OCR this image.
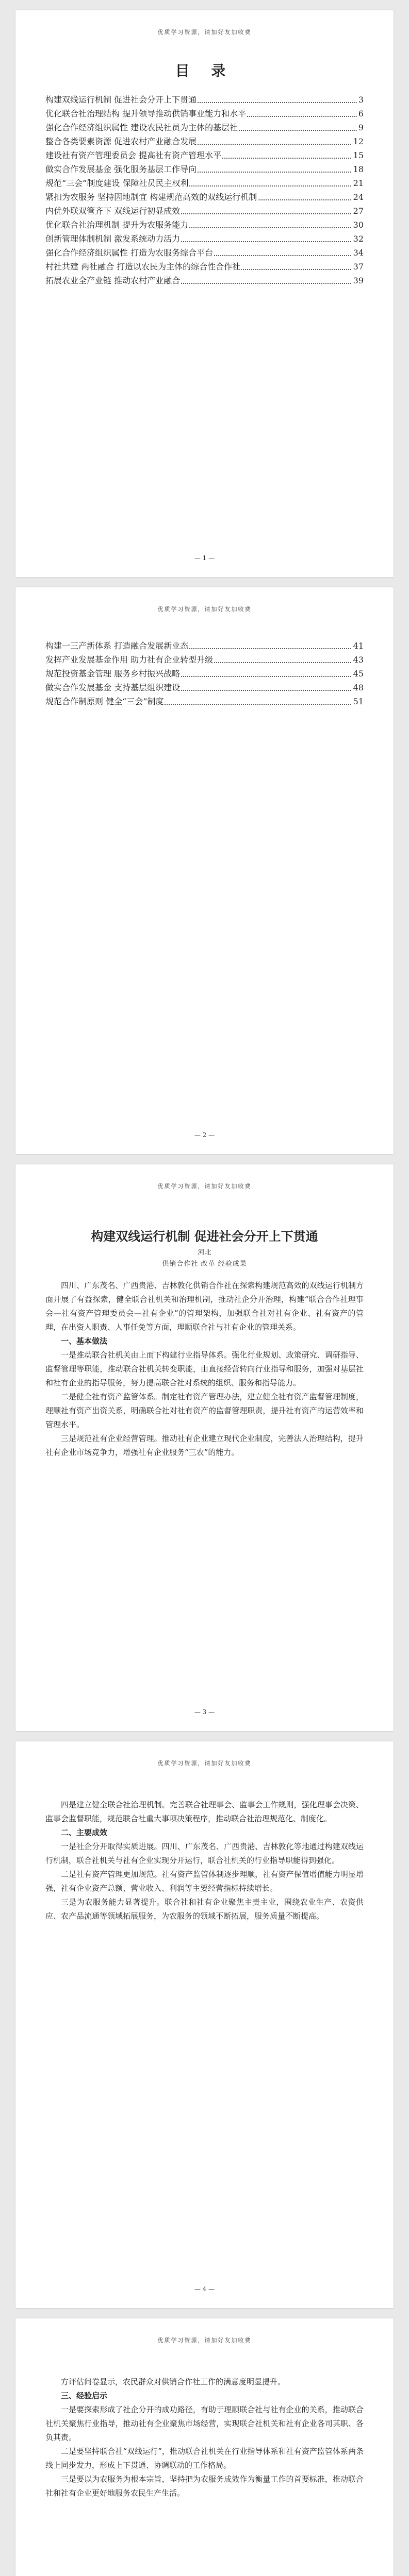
优质学习资源，请加好友加收费
目 录
构建双线运行机制 促进社会分开上下贯通	3
优化联合社治理结构 提升领导推动供销事业能力和水平	6
强化合作经济组织属性 建设农民社员为主体的基层社	9
整合各类要素资源 促进农村产业融合发展	12
建设社有资产管理委员会 提高社有资产管理水平	15
做实合作发展基金 强化服务基层工作导向	18
规范“三会”制度建设 保障社员民主权利	21
紧扣为农服务 坚持因地制宜 构建规范高效的双线运行机制	24
内优外联双管齐下 双线运行初显成效	27
优化联合社治理机制 提升为农服务能力	30
创新管理体制机制 激发系统动力活力	32
强化合作经济组织属性 打造为农服务综合平台	34
村社共建 两社融合 打造以农民为主体的综合性合作社	37
拓展农业全产业链 推动农村产业融合	39
— 1 —
优质学习资源，请加好友加收费
构建一三产新体系 打造融合发展新业态	41
发挥产业发展基金作用 助力社有企业转型升级	43
规范投资基金管理 服务乡村振兴战略	45
做实合作发展基金 支持基层组织建设	48
规范合作制原则 健全“三会”制度	51
— 2 —
优质学习资源，请加好友加收费
构建双线运行机制 促进社会分开上下贯通
河北
供销合作社 改革 经验成果

四川、广东茂名、广西贵港、吉林敦化供销合作社在探索构建规范高效的双线运行机制方面开展了有益探索，健全联合社机关和治理机制，推动社企分开治理，构建“联合合作社理事会—社有资产管理委员会—社有企业”的管理架构，加强联合社对社有企业、社有资产的管理，在出资人职责、人事任免等方面，理顺联合社与社有企业的管理关系。

一、基本做法

一是推动联合社机关由上而下构建行业指导体系。强化行业规划、政策研究、调研指导、监督管理等职能，推动联合社机关转变职能，由直接经营转向行业指导和服务，加强对基层社和社有企业的指导服务，努力提高联合社对系统的组织、服务和指导能力。

二是健全社有资产监管体系。制定社有资产管理办法，建立健全社有资产监督管理制度，理顺社有资产出资关系，明确联合社对社有资产的监督管理职责，提升社有资产的运营效率和管理水平。

三是规范社有企业经营管理。推动社有企业建立现代企业制度，完善法人治理结构，提升社有企业市场竞争力，增强社有企业服务“三农”的能力。

— 3 —
优质学习资源，请加好友加收费

四是建立健全联合社治理机制。完善联合社理事会、监事会工作规则，强化理事会决策、监事会监督职能，规范联合社重大事项决策程序，推动联合社治理规范化、制度化。

二、主要成效

一是社企分开取得实质进展。四川、广东茂名、广西贵港、吉林敦化等地通过构建双线运行机制，联合社机关与社有企业实现分开运行，联合社机关的行业指导职能得到强化。

二是社有资产管理更加规范。社有资产监管体制逐步理顺，社有资产保值增值能力明显增强，社有企业资产总额、营业收入、利润等主要经营指标持续增长。

三是为农服务能力显著提升。联合社和社有企业聚焦主责主业，围绕农业生产、农资供应、农产品流通等领域拓展服务，为农服务的领域不断拓展，服务质量不断提高。

— 4 —
优质学习资源，请加好友加收费

方评估问卷显示，农民群众对供销合作社工作的满意度明显提升。

三、经验启示

一是要探索形成了社企分开的成功路径，有助于理顺联合社与社有企业的关系，推动联合社机关聚焦行业指导，推动社有企业聚焦市场经营，实现联合社机关和社有企业各司其职、各负其责。

二是要坚持联合社“双线运行”，推动联合社机关在行业指导体系和社有资产监管体系两条线上同步发力，形成上下贯通、协调联动的工作格局。

三是要以为农服务为根本宗旨，坚持把为农服务成效作为衡量工作的首要标准，推动联合社和社有企业更好地服务农民生产生活。
